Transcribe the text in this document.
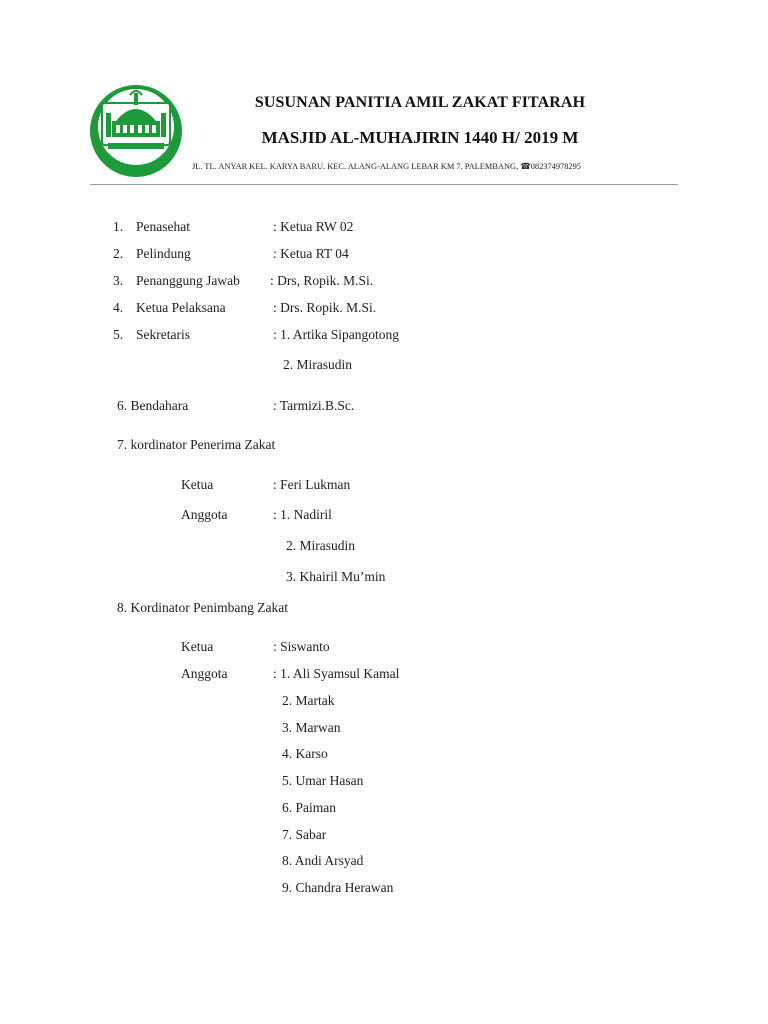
SUSUNAN PANITIA AMIL ZAKAT FITARAH
MASJID AL-MUHAJIRIN 1440 H/ 2019 M
JL. TL. ANYAR KEL. KARYA BARU. KEC. ALANG-ALANG LEBAR KM 7. PALEMBANG, ☎082374978295
1. Penasehat	: Ketua RW 02
2. Pelindung	: Ketua RT 04
3. Penanggung Jawab : Drs, Ropik. M.Si.
4. Ketua Pelaksana	: Drs. Ropik. M.Si.
5. Sekretaris	: 1. Artika Sipangotong
2. Mirasudin
6. Bendahara	: Tarmizi.B.Sc.
7. kordinator Penerima Zakat
Ketua	: Feri Lukman
Anggota	: 1. Nadiril
2. Mirasudin
3. Khairil Mu’min
8. Kordinator Penimbang Zakat
Ketua	: Siswanto
Anggota	: 1. Ali Syamsul Kamal
2. Martak
3. Marwan
4. Karso
5. Umar Hasan
6. Paiman
7. Sabar
8. Andi Arsyad
9. Chandra Herawan
